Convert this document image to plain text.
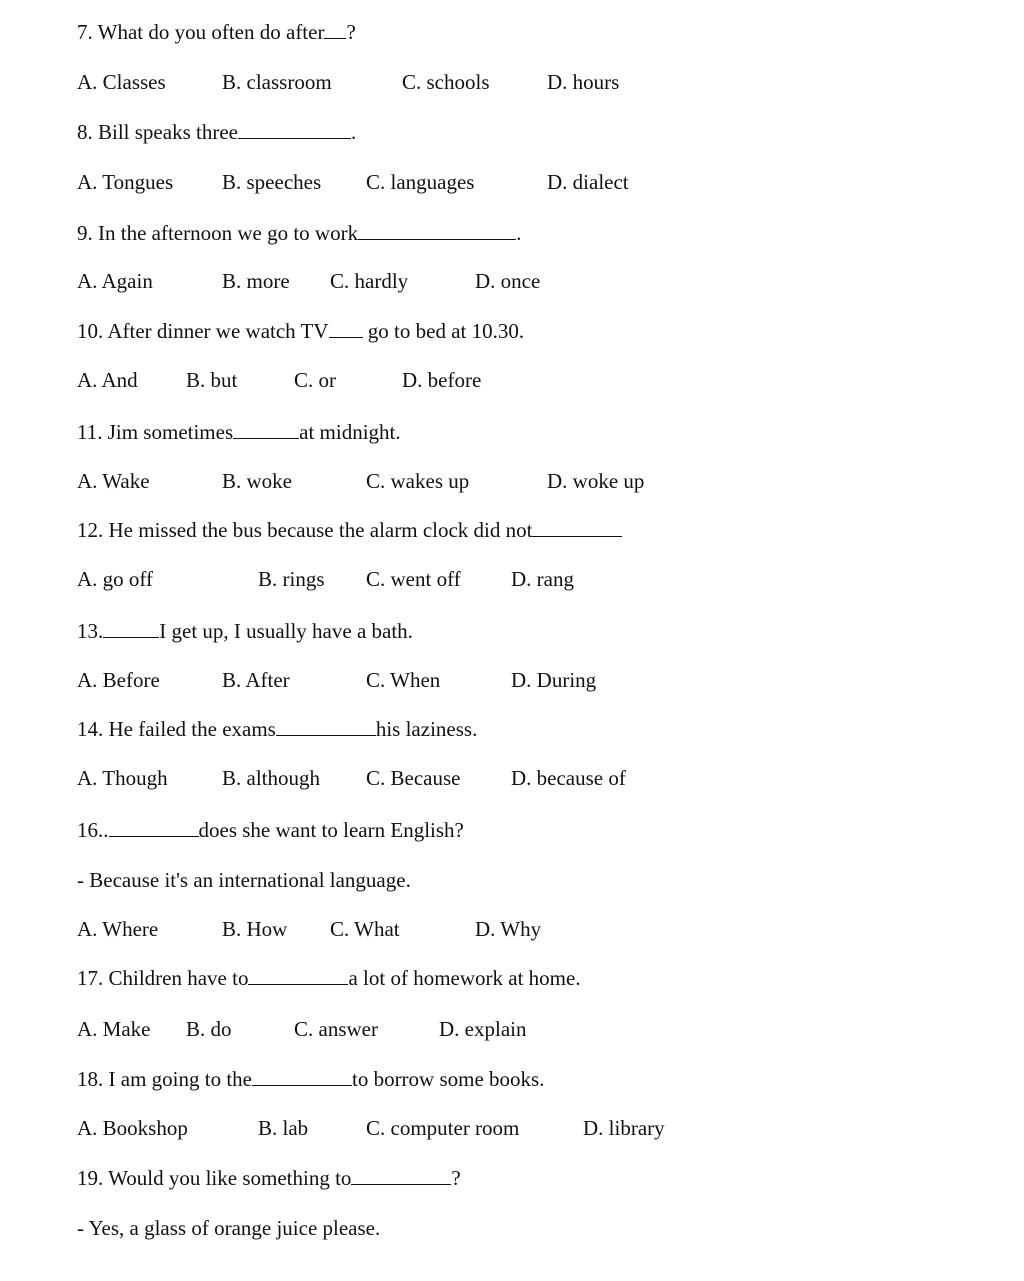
7. What do you often do after ?
A. Classes	B. classroom	C. schools	D. hours
8. Bill speaks three	.
A. Tongues B. speeches C. languages	D. dialect
9. In the afternoon we go to work	.
A. Again	B. more C. hardly	D. once
10. After dinner we watch TV go to bed at 10.30.
A. And B. but	C. or	D. before
11. Jim sometimes	at midnight.
A. Wake	B. woke	C. wakes up	D. woke up
12. He missed the bus because the alarm clock did not
A. go off	B. rings C. went off D. rang
13.	I get up, I usually have a bath.
A. Before	B. After	C. When	D. During
14. He failed the exams	his laziness.
A. Though	B. although C. Because D. because of
16..	does she want to learn English?
- Because it's an international language.
A. Where	B. How C. What	D. Why
17. Children have to	a lot of homework at home.
A. Make B. do	C. answer	D. explain
18. I am going to the	to borrow some books.
A. Bookshop	B. lab	C. computer room	D. library
19. Would you like something to	?
- Yes, a glass of orange juice please.
